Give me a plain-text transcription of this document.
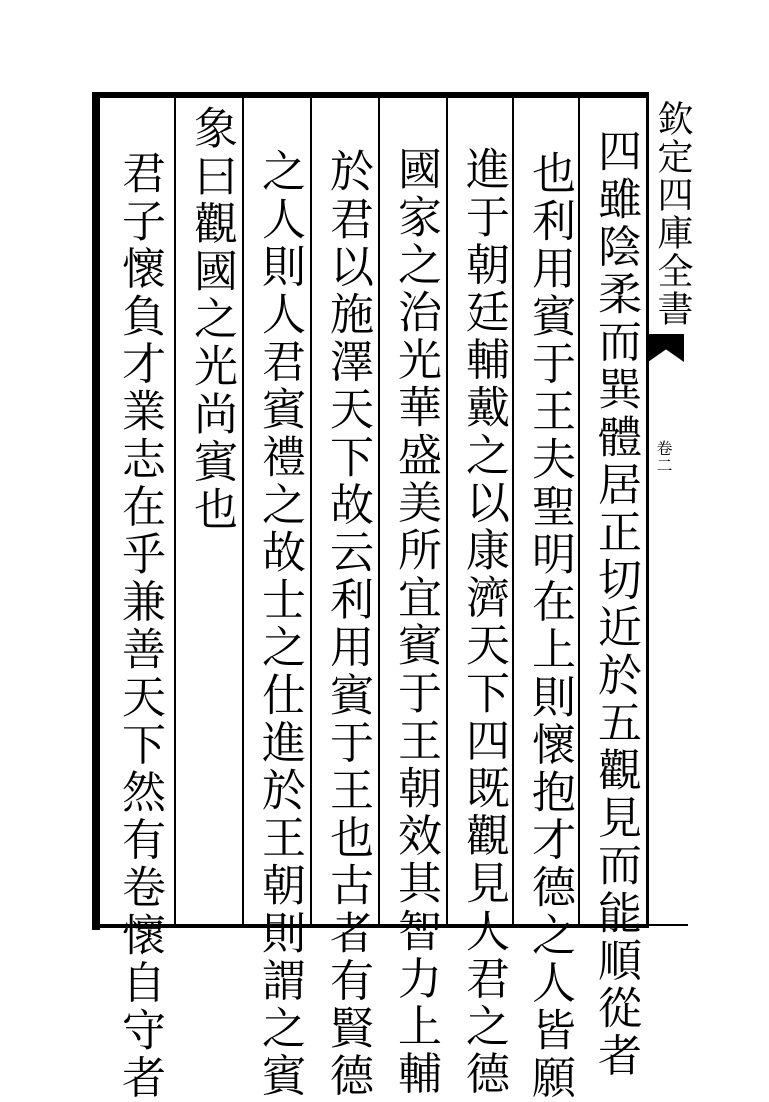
欽定四庫全書
卷二
四雖陰柔而巽體居正切近於五觀見而能順從者
也利用賓于王夫聖明在上則懷抱才德之人皆願
進于朝廷輔戴之以康濟天下四既觀見人君之德
國家之治光華盛美所宜賓于王朝效其智力上輔
於君以施澤天下故云利用賓于王也古者有賢德
之人則人君賓禮之故士之仕進於王朝則謂之賓
象曰觀國之光尚賓也
君子懷負才業志在乎兼善天下然有卷懷自守者
